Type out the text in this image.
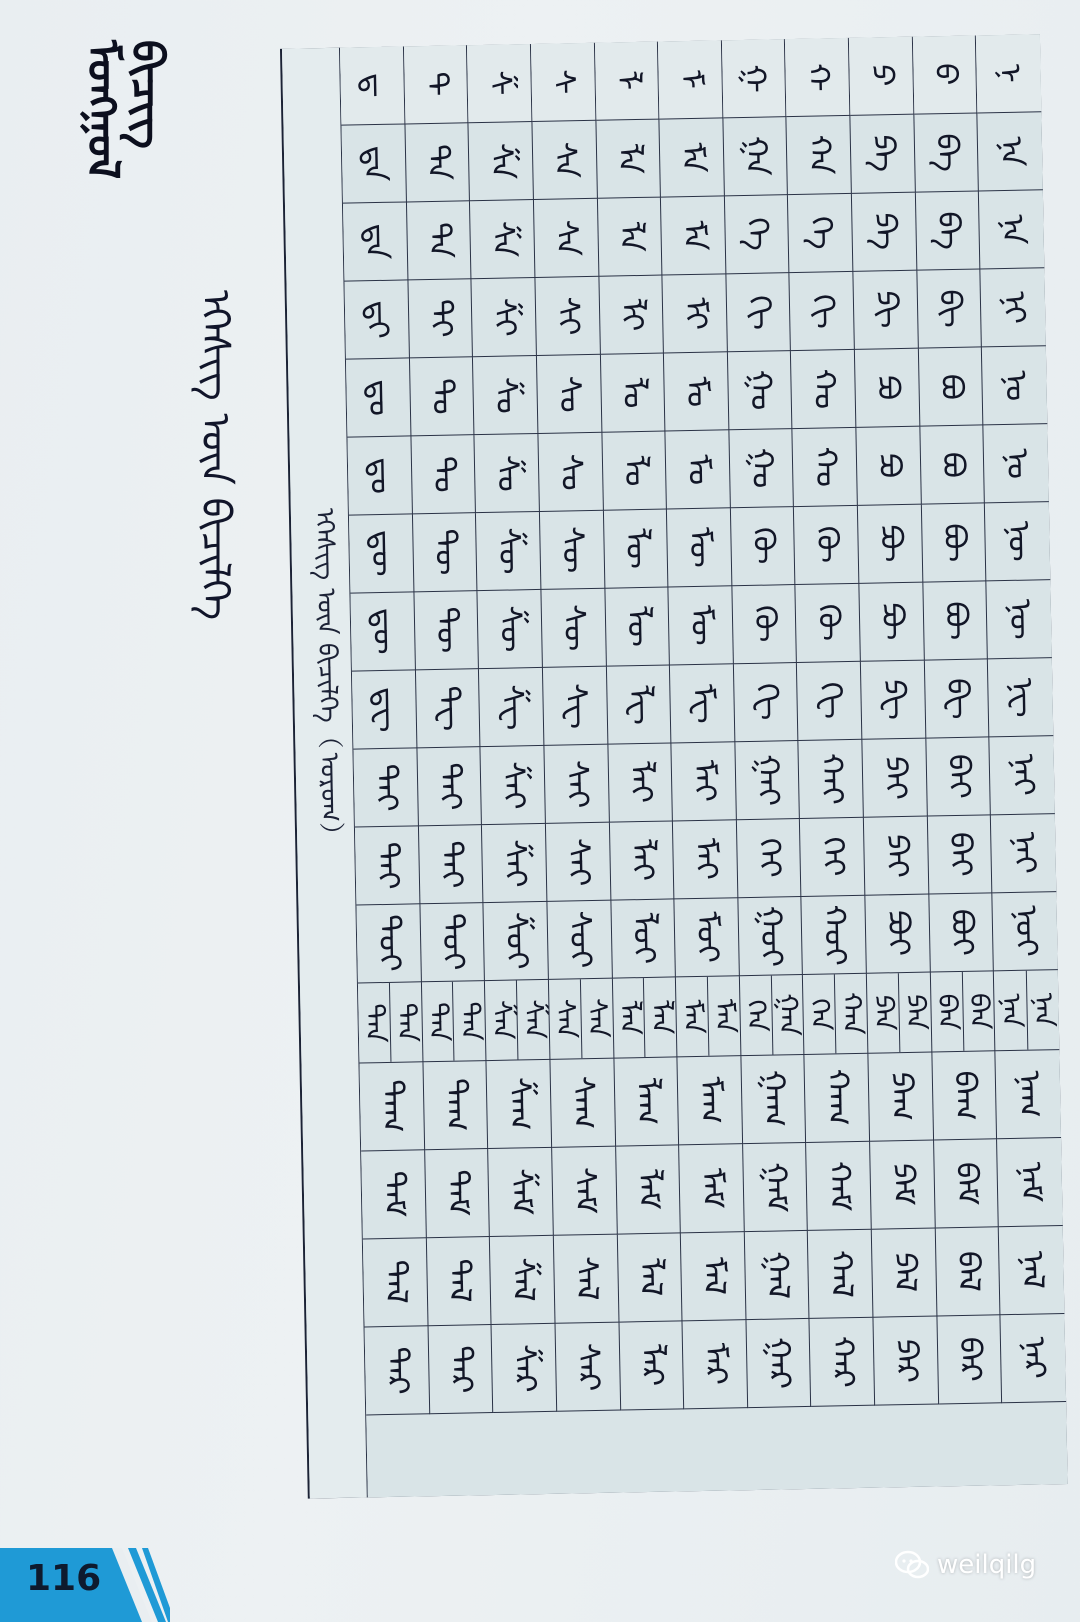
ᠮᠣᠩᠭᠤᠯ ᠪᠢᠴᠢᠭ
ᠡᠭᠡᠰᠢᠭ ᠦᠨ ᠪᠢᠴᠢᠯᠭᠡ
ᠡᠭᠡᠰᠢᠭ ᠦᠨ ᠪᠢᠴᠢᠯᠭᠡ（ᠤᠷᠤᠭ）
ᠳ ᠲ ᠱ ᠰ ᠯ ᠮ ᠭ ᠬ ᠫ ᠪ ᠨ
ᠳᠠ ᠲᠠ ᠱᠠ ᠰᠠ ᠯᠠ ᠮᠠ ᠭᠠ ᠬᠠ ᠫᠠ ᠪᠠ ᠨᠠ
ᠳᠡ ᠲᠡ ᠱᠡ ᠰᠡ ᠯᠡ ᠮᠡ ᠭᠡ ᠬᠡ ᠫᠡ ᠪᠡ ᠨᠡ
ᠳᠢ ᠲᠢ ᠱᠢ ᠰᠢ ᠯᠢ ᠮᠢ ᠭᠢ ᠬᠢ ᠫᠢ ᠪᠢ ᠨᠢ
ᠳᠣ ᠲᠣ ᠱᠣ ᠰᠣ ᠯᠣ ᠮᠣ ᠭᠣ ᠬᠣ ᠫᠣ ᠪᠣ ᠨᠣ
ᠳᠤ ᠲᠤ ᠱᠤ ᠰᠤ ᠯᠤ ᠮᠤ ᠭᠤ ᠬᠤ ᠫᠤ ᠪᠤ ᠨᠤ
ᠳᠥ ᠲᠥ ᠱᠥ ᠰᠥ ᠯᠥ ᠮᠥ ᠭᠥ ᠬᠥ ᠫᠥ ᠪᠥ ᠨᠥ
ᠳᠦ ᠲᠦ ᠱᠦ ᠰᠦ ᠯᠦ ᠮᠦ ᠭᠦ ᠬᠦ ᠫᠦ ᠪᠦ ᠨᠦ
ᠳᠧ ᠲᠧ ᠱᠧ ᠰᠧ ᠯᠧ ᠮᠧ ᠭᠧ ᠬᠧ ᠫᠧ ᠪᠧ ᠨᠧ
ᠳᠠᠢ ᠲᠠᠢ ᠱᠠᠢ ᠰᠠᠢ ᠯᠠᠢ ᠮᠠᠢ ᠭᠠᠢ ᠬᠠᠢ ᠫᠠᠢ ᠪᠠᠢ ᠨᠠᠢ
ᠳᠡᠢ ᠲᠡᠢ ᠱᠡᠢ ᠰᠡᠢ ᠯᠡᠢ ᠮᠡᠢ ᠭᠡᠢ ᠬᠡᠢ ᠫᠡᠢ ᠪᠡᠢ ᠨᠡᠢ
ᠳᠣᠢ ᠲᠣᠢ ᠱᠣᠢ ᠰᠣᠢ ᠯᠣᠢ ᠮᠣᠢ ᠭᠣᠢ ᠬᠣᠢ ᠫᠣᠢ ᠪᠣᠢ ᠨᠣᠢ
ᠳᠡᠨ ᠳᠠᠨ ᠲᠡᠨ ᠲᠠᠨ ᠱᠡᠨ ᠱᠠᠨ ᠰᠡᠨ ᠰᠠᠨ ᠯᠡᠨ ᠯᠠᠨ ᠮᠡᠨ ᠮᠠᠨ ᠭᠡᠨ ᠭᠠᠨ ᠬᠡᠨ ᠬᠠᠨ ᠫᠡᠨ ᠫᠠᠨ ᠪᠡᠨ ᠪᠠᠨ ᠨᠡᠨ ᠨᠠᠨ
ᠳᠠᠭ ᠲᠠᠭ ᠱᠠᠭ ᠰᠠᠭ ᠯᠠᠭ ᠮᠠᠭ ᠭᠠᠭ ᠬᠠᠭ ᠫᠠᠭ ᠪᠠᠭ ᠨᠠᠭ
ᠳᠠᠮ ᠲᠠᠮ ᠱᠠᠮ ᠰᠠᠮ ᠯᠠᠮ ᠮᠠᠮ ᠭᠠᠮ ᠬᠠᠮ ᠫᠠᠮ ᠪᠠᠮ ᠨᠠᠮ
ᠳᠠᠯ ᠲᠠᠯ ᠱᠠᠯ ᠰᠠᠯ ᠯᠠᠯ ᠮᠠᠯ ᠭᠠᠯ ᠬᠠᠯ ᠫᠠᠯ ᠪᠠᠯ ᠨᠠᠯ
ᠳᠠᠷ ᠲᠠᠷ ᠱᠠᠷ ᠰᠠᠷ ᠯᠠᠷ ᠮᠠᠷ ᠭᠠᠷ ᠬᠠᠷ ᠫᠠᠷ ᠪᠠᠷ ᠨᠠᠷ
116	weilqilg
